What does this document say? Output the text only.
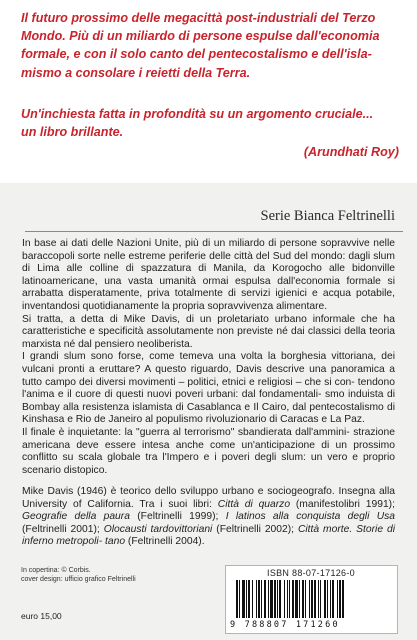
Il futuro prossimo delle megacittà post-industriali del Terzo
Mondo. Più di un miliardo di persone espulse dall'economia
formale, e con il solo canto del pentecostalismo e dell'isla-
mismo a consolare i reietti della Terra.
Un'inchiesta fatta in profondità su un argomento cruciale...
un libro brillante.
(Arundhati Roy)
Serie Bianca Feltrinelli

In base ai dati delle Nazioni Unite, più di un miliardo di persone sopravvive nelle baraccopoli sorte nelle estreme periferie delle città del Sud del mondo: dagli slum di Lima alle colline di spazzatura di Manila, da Korogocho alle bidonville latinoamericane, una vasta umanità ormai espulsa dall'economia formale si arrabatta disperatamente, priva totalmente di servizi igienici e acqua potabile, inventandosi quotidianamente la propria sopravvivenza alimentare.

Si tratta, a detta di Mike Davis, di un proletariato urbano informale che ha caratteristiche e specificità assolutamente non previste né dai classici della teoria marxista né dal pensiero neoliberista.

I grandi slum sono forse, come temeva una volta la borghesia vittoriana, dei vulcani pronti a eruttare? A questo riguardo, Davis descrive una panoramica a tutto campo dei diversi movimenti – politici, etnici e religiosi – che si con- tendono l'anima e il cuore di questi nuovi poveri urbani: dal fondamentali- smo induista di Bombay alla resistenza islamista di Casablanca e Il Cairo, dal pentecostalismo di Kinshasa e Rio de Janeiro al populismo rivoluzionario di Caracas e La Paz.

Il finale è inquietante: la "guerra al terrorismo" sbandierata dall'ammini- strazione americana deve essere intesa anche come un'anticipazione di un prossimo conflitto su scala globale tra l'Impero e i poveri degli slum: un vero e proprio scenario distopico.

Mike Davis (1946) è teorico dello sviluppo urbano e sociogeografo. Insegna alla University of California. Tra i suoi libri: Città di quarzo (manifestolibri 1991); Geografie della paura (Feltrinelli 1999); I latinos alla conquista degli Usa (Feltrinelli 2001); Olocausti tardovittoriani (Feltrinelli 2002); Città morte. Storie di inferno metropoli- tano (Feltrinelli 2004).
In copertina: © Corbis.
cover design: ufficio grafico Feltrinelli
euro 15,00
ISBN 88-07-17126-0
9 788807 171260
